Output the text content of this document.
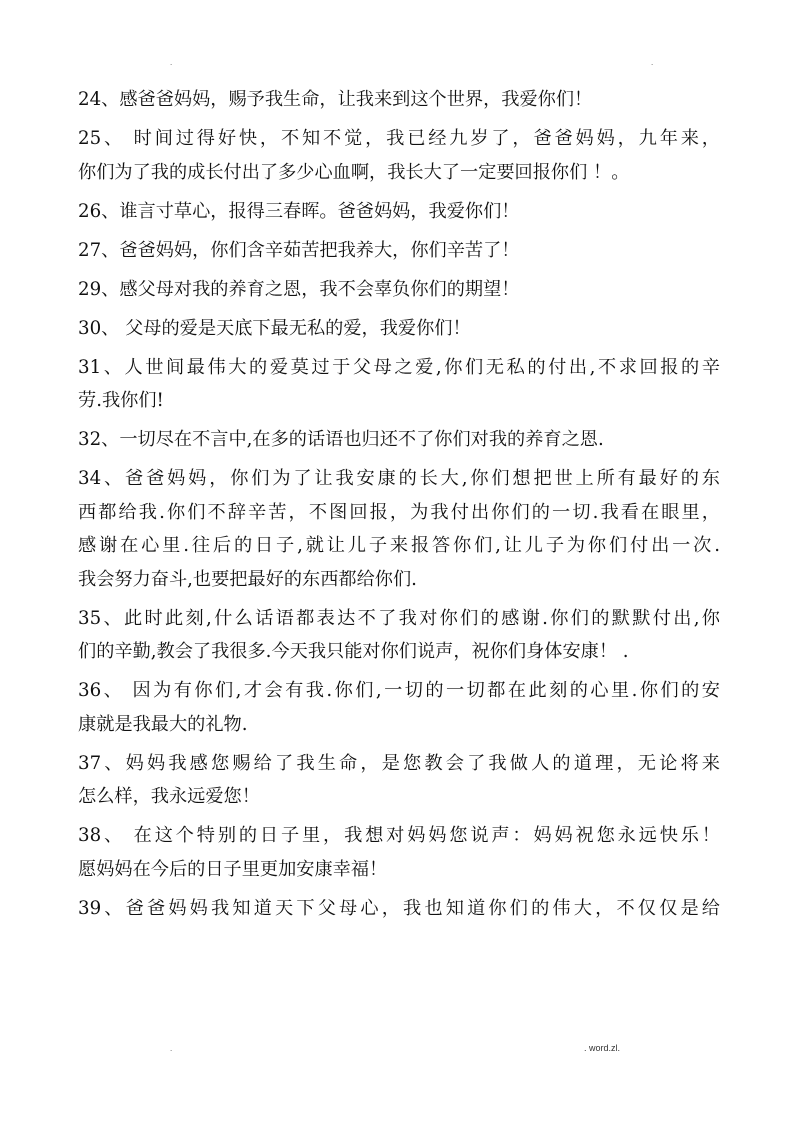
.	.
24、感爸爸妈妈，赐予我生命，让我来到这个世界，我爱你们！
25、 时间过得好快，不知不觉，我已经九岁了，爸爸妈妈，九年来，
你们为了我的成长付出了多少心血啊，我长大了一定要回报你们 ！。
26、谁言寸草心，报得三春晖。爸爸妈妈，我爱你们！
27、爸爸妈妈，你们含辛茹苦把我养大，你们辛苦了！
29、感父母对我的养育之恩，我不会辜负你们的期望！
30、 父母的爱是天底下最无私的爱，我爱你们！
31、人世间最伟大的爱莫过于父母之爱,你们无私的付出,不求回报的辛
劳.我你们!
32、一切尽在不言中,在多的话语也归还不了你们对我的养育之恩.
34、爸爸妈妈，你们为了让我安康的长大,你们想把世上所有最好的东
西都给我.你们不辞辛苦，不图回报，为我付出你们的一切.我看在眼里，
感谢在心里.往后的日子,就让儿子来报答你们,让儿子为你们付出一次.
我会努力奋斗,也要把最好的东西都给你们.
35、此时此刻,什么话语都表达不了我对你们的感谢.你们的默默付出,你
们的辛勤,教会了我很多.今天我只能对你们说声，祝你们身体安康！ .
36、 因为有你们,才会有我.你们,一切的一切都在此刻的心里.你们的安
康就是我最大的礼物.
37、妈妈我感您赐给了我生命，是您教会了我做人的道理，无论将来
怎么样，我永远爱您！
38、 在这个特别的日子里，我想对妈妈您说声：妈妈祝您永远快乐！
愿妈妈在今后的日子里更加安康幸福！
39、爸爸妈妈我知道天下父母心，我也知道你们的伟大，不仅仅是给
.	. word.zl.
